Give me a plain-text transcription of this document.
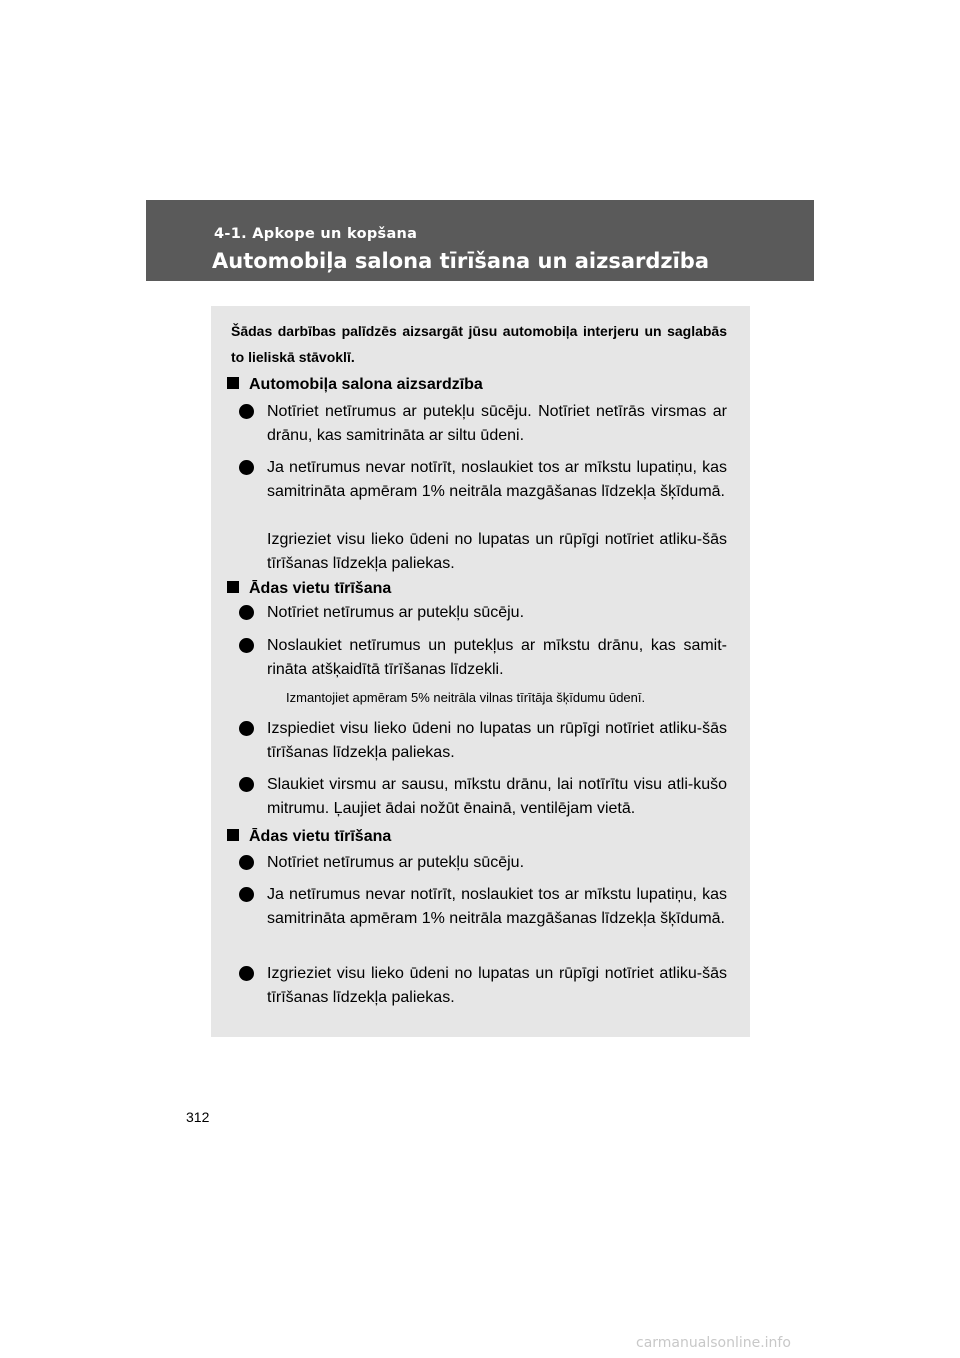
4-1. Apkope un kopšana
Automobiļa salona tīrīšana un aizsardzība
Šādas darbības palīdzēs aizsargāt jūsu automobiļa interjeru un saglabās to lieliskā stāvoklī.
Automobiļa salona aizsardzība
Notīriet netīrumus ar putekļu sūcēju. Notīriet netīrās virsmas ar drānu, kas samitrināta ar siltu ūdeni.
Ja netīrumus nevar notīrīt, noslaukiet tos ar mīkstu lupatiņu, kas samitrināta apmēram 1% neitrāla mazgāšanas līdzekļa šķīdumā.
Izgrieziet visu lieko ūdeni no lupatas un rūpīgi notīriet atliku-šās tīrīšanas līdzekļa paliekas.
Ādas vietu tīrīšana
Notīriet netīrumus ar putekļu sūcēju.
Noslaukiet netīrumus un putekļus ar mīkstu drānu, kas samit-rināta atšķaidītā tīrīšanas līdzekli.
Izmantojiet apmēram 5% neitrāla vilnas tīrītāja šķīdumu ūdenī.
Izspiediet visu lieko ūdeni no lupatas un rūpīgi notīriet atliku-šās tīrīšanas līdzekļa paliekas.
Slaukiet virsmu ar sausu, mīkstu drānu, lai notīrītu visu atli-kušo mitrumu. Ļaujiet ādai nožūt ēnainā, ventilējam vietā.
Ādas vietu tīrīšana
Notīriet netīrumus ar putekļu sūcēju.
Ja netīrumus nevar notīrīt, noslaukiet tos ar mīkstu lupatiņu, kas samitrināta apmēram 1% neitrāla mazgāšanas līdzekļa šķīdumā.
Izgrieziet visu lieko ūdeni no lupatas un rūpīgi notīriet atliku-šās tīrīšanas līdzekļa paliekas.
312
carmanualsonline.info
